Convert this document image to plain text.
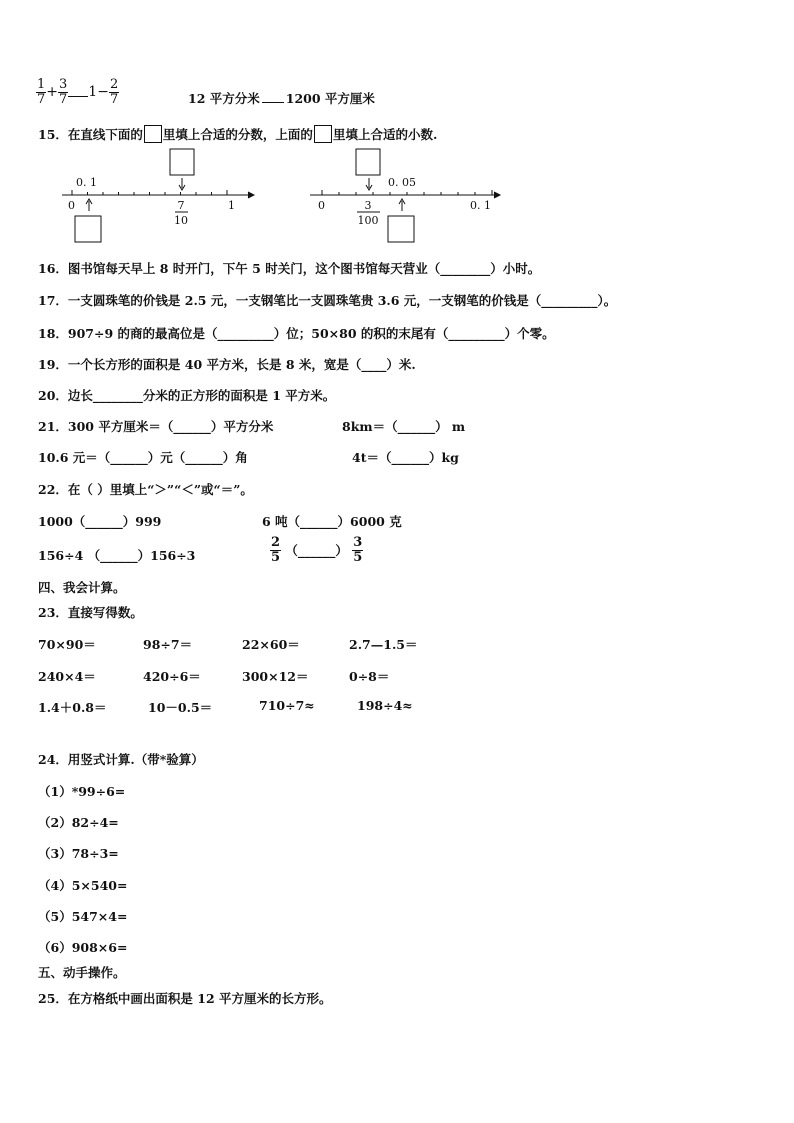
$\frac{1}{7} + \frac{3}{7} 1- \frac{2}{7}$	12 平方分米 1200 平方厘米
15．在直线下面的 里填上合适的分数，上面的 里填上合适的小数.
0. 1
0	7
10
1
0. 05
0	3
100
0. 1
16．图书馆每天早上 8 时开门，下午 5 时关门，这个图书馆每天营业（________）小时。
17．一支圆珠笔的价钱是 2.5 元，一支钢笔比一支圆珠笔贵 3.6 元，一支钢笔的价钱是（_________）。
18．907÷9 的商的最高位是（_________）位；50×80 的积的末尾有（_________）个零。
19．一个长方形的面积是 40 平方米，长是 8 米，宽是（____）米.
20．边长________分米的正方形的面积是 1 平方米。
21．300 平方厘米＝（______）平方分米	8km＝（______） m
10.6 元＝（______）元（______）角	4t＝（______）kg
22．在（ ）里填上“＞”“＜”或“＝”。
1000（______）999	6 吨（______）6000 克
156÷4 （______）156÷3	$\frac{2}{5}$ （______） $\frac{3}{5}$
四、我会计算。
23．直接写得数。
70×90＝	98÷7＝	22×60＝	2.7—1.5＝
240×4＝	420÷6＝	300×12＝	0÷8＝
1.4＋0.8＝	10－0.5＝	710÷7≈	198÷4≈
24．用竖式计算.（带*验算）
（1）*99÷6=
（2）82÷4=
（3）78÷3=
（4）5×540=
（5）547×4=
（6）908×6=
五、动手操作。
25．在方格纸中画出面积是 12 平方厘米的长方形。
